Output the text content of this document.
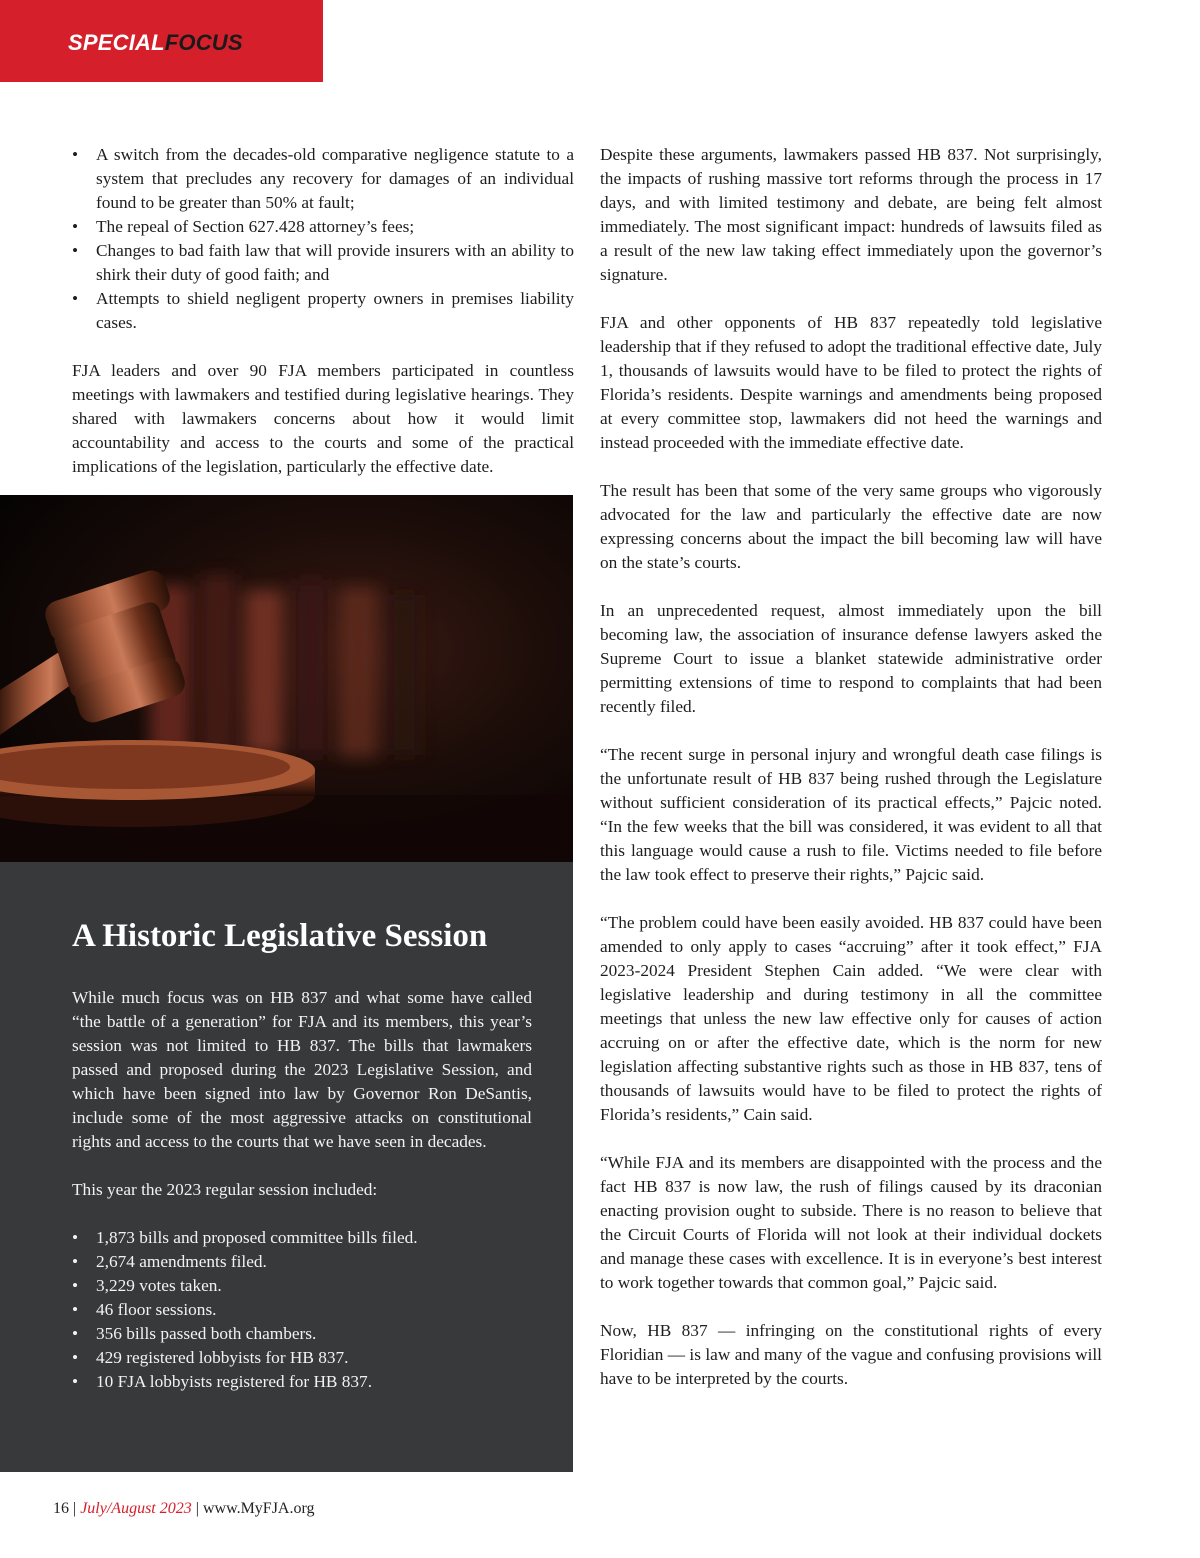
SPECIALFOCUS
• A switch from the decades-old comparative negligence statute to a system that precludes any recovery for damages of an individual found to be greater than 50% at fault;
• The repeal of Section 627.428 attorney’s fees;
• Changes to bad faith law that will provide insurers with an ability to shirk their duty of good faith; and
• Attempts to shield negligent property owners in premises liability cases.

FJA leaders and over 90 FJA members participated in countless meetings with lawmakers and testified during legislative hearings. They shared with lawmakers concerns about how it would limit accountability and access to the courts and some of the practical implications of the legislation, particularly the effective date.

A Historic Legislative Session

While much focus was on HB 837 and what some have called “the battle of a generation” for FJA and its members, this year’s session was not limited to HB 837. The bills that lawmakers passed and proposed during the 2023 Legislative Session, and which have been signed into law by Governor Ron DeSantis, include some of the most aggressive attacks on constitutional rights and access to the courts that we have seen in decades.

This year the 2023 regular session included:

• 1,873 bills and proposed committee bills filed.
• 2,674 amendments filed.
• 3,229 votes taken.
• 46 floor sessions.
• 356 bills passed both chambers.
• 429 registered lobbyists for HB 837.
• 10 FJA lobbyists registered for HB 837.

Despite these arguments, lawmakers passed HB 837. Not surprisingly, the impacts of rushing massive tort reforms through the process in 17 days, and with limited testimony and debate, are being felt almost immediately. The most significant impact: hundreds of lawsuits filed as a result of the new law taking effect immediately upon the governor’s signature.

FJA and other opponents of HB 837 repeatedly told legislative leadership that if they refused to adopt the traditional effective date, July 1, thousands of lawsuits would have to be filed to protect the rights of Florida’s residents. Despite warnings and amendments being proposed at every committee stop, lawmakers did not heed the warnings and instead proceeded with the immediate effective date.

The result has been that some of the very same groups who vigorously advocated for the law and particularly the effective date are now expressing concerns about the impact the bill becoming law will have on the state’s courts.

In an unprecedented request, almost immediately upon the bill becoming law, the association of insurance defense lawyers asked the Supreme Court to issue a blanket statewide administrative order permitting extensions of time to respond to complaints that had been recently filed.

“The recent surge in personal injury and wrongful death case filings is the unfortunate result of HB 837 being rushed through the Legislature without sufficient consideration of its practical effects,” Pajcic noted. “In the few weeks that the bill was considered, it was evident to all that this language would cause a rush to file. Victims needed to file before the law took effect to preserve their rights,” Pajcic said.

“The problem could have been easily avoided. HB 837 could have been amended to only apply to cases “accruing” after it took effect,” FJA 2023-2024 President Stephen Cain added. “We were clear with legislative leadership and during testimony in all the committee meetings that unless the new law effective only for causes of action accruing on or after the effective date, which is the norm for new legislation affecting substantive rights such as those in HB 837, tens of thousands of lawsuits would have to be filed to protect the rights of Florida’s residents,” Cain said.

“While FJA and its members are disappointed with the process and the fact HB 837 is now law, the rush of filings caused by its draconian enacting provision ought to subside. There is no reason to believe that the Circuit Courts of Florida will not look at their individual dockets and manage these cases with excellence. It is in everyone’s best interest to work together towards that common goal,” Pajcic said.

Now, HB 837 — infringing on the constitutional rights of every Floridian — is law and many of the vague and confusing provisions will have to be interpreted by the courts.

16 | July/August 2023 | www.MyFJA.org
